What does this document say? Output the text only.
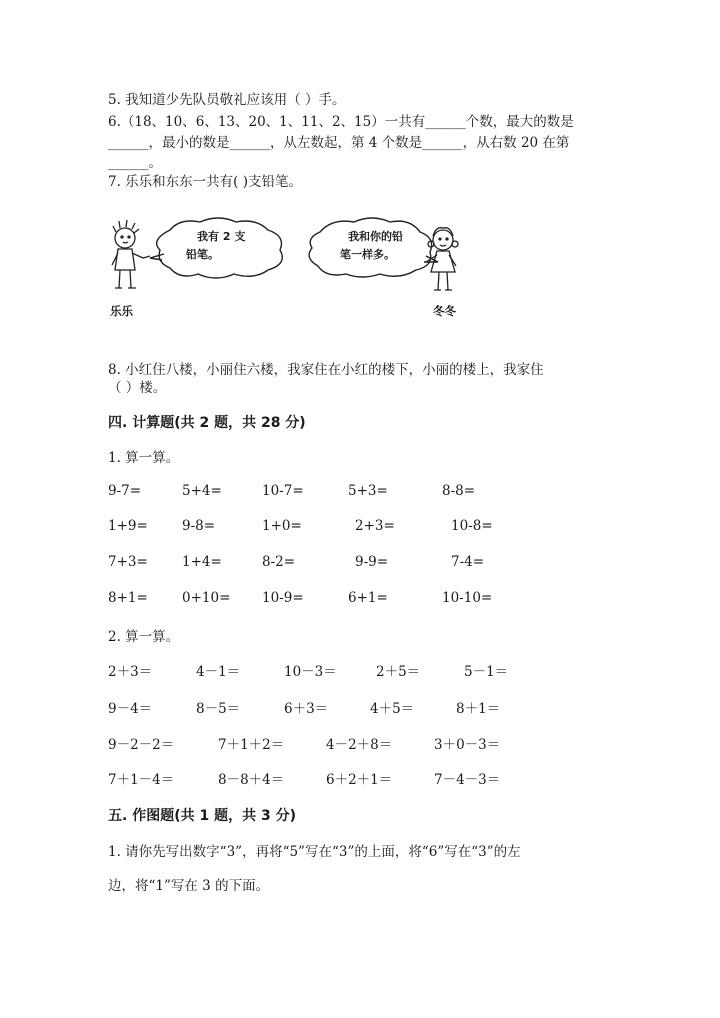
5. 我知道少先队员敬礼应该用（ ）手。
6.（18、10、6、13、20、1、11、2、15）一共有______个数，最大的数是
______，最小的数是______，从左数起，第 4 个数是______，从右数 20 在第
______。
7. 乐乐和东东一共有( )支铅笔。
我有 2 支
铅笔。
我和你的铅
笔一样多。
乐乐	冬冬
8. 小红住八楼，小丽住六楼，我家住在小红的楼下，小丽的楼上，我家住
（ ）楼。
四. 计算题(共 2 题，共 28 分)
1. 算一算。
9-7=	5+4=	10-7=	5+3=	8-8=
1+9=	9-8=	1+0=	2+3=	10-8=
7+3=	1+4=	8-2=	9-9=	7-4=
8+1=	0+10= 10-9=	6+1=	10-10=
2. 算一算。
2＋3＝	4－1＝	10－3＝	2＋5＝	5－1＝
9－4＝	8－5＝	6＋3＝	4＋5＝	8＋1＝
9－2－2＝	7＋1＋2＝	4－2＋8＝	3＋0－3＝
7＋1－4＝	8－8＋4＝	6＋2＋1＝	7－4－3＝
五. 作图题(共 1 题，共 3 分)
1. 请你先写出数字“3”，再将“5”写在“3”的上面，将“6”写在“3”的左
边，将“1”写在 3 的下面。
